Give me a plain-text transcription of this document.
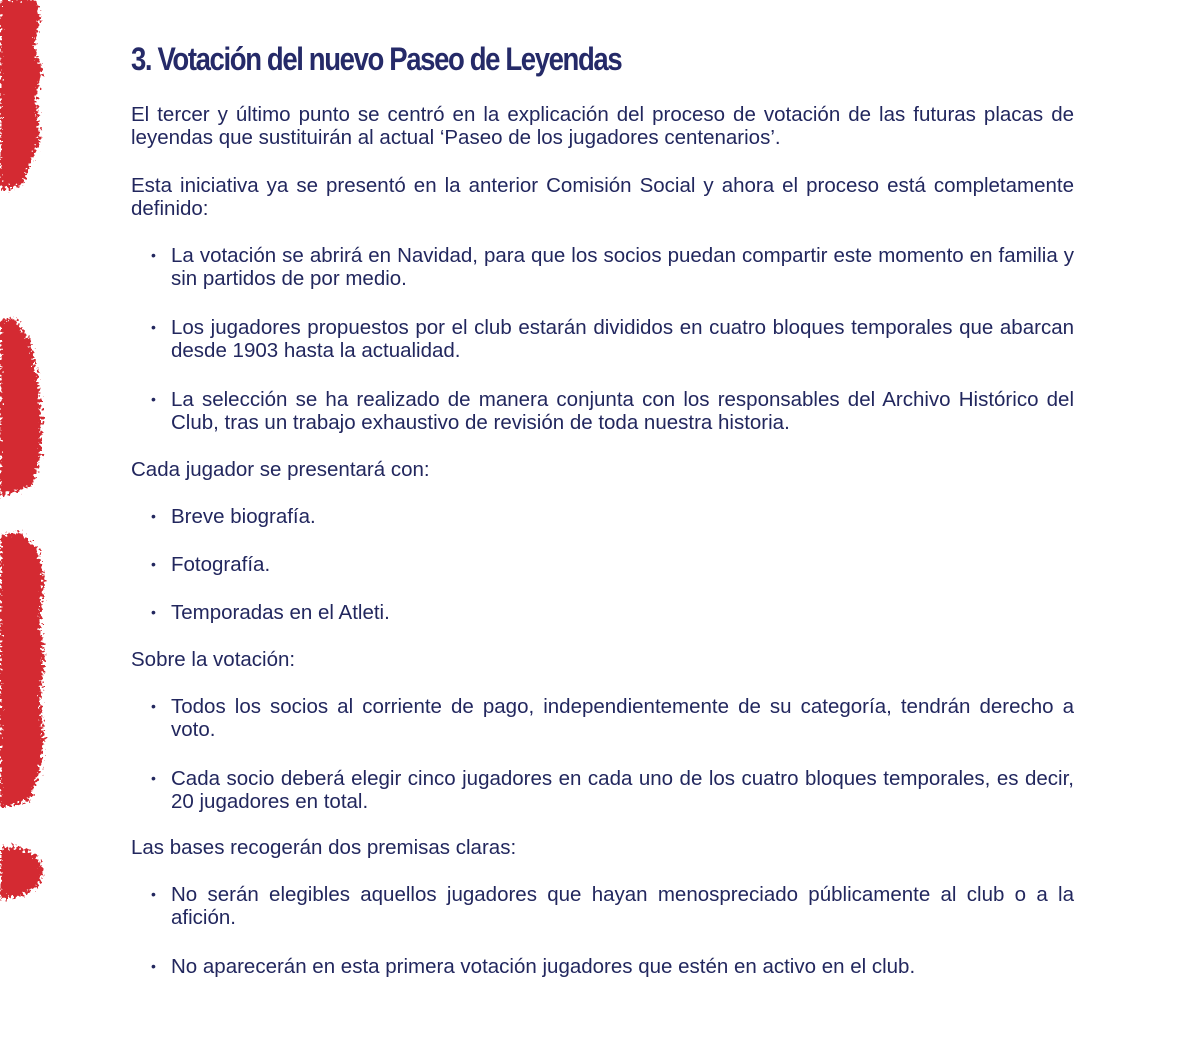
3. Votación del nuevo Paseo de Leyendas

El tercer y último punto se centró en la explicación del proceso de votación de las futuras placas de leyendas que sustituirán al actual ‘Paseo de los jugadores centenarios’.

Esta iniciativa ya se presentó en la anterior Comisión Social y ahora el proceso está completamente definido:

• La votación se abrirá en Navidad, para que los socios puedan compartir este momento en familia y sin partidos de por medio.
• Los jugadores propuestos por el club estarán divididos en cuatro bloques temporales que abarcan desde 1903 hasta la actualidad.
• La selección se ha realizado de manera conjunta con los responsables del Archivo Histórico del Club, tras un trabajo exhaustivo de revisión de toda nuestra historia.

Cada jugador se presentará con:

• Breve biografía.
• Fotografía.
• Temporadas en el Atleti.

Sobre la votación:

• Todos los socios al corriente de pago, independientemente de su categoría, tendrán derecho a voto.
• Cada socio deberá elegir cinco jugadores en cada uno de los cuatro bloques temporales, es decir, 20 jugadores en total.

Las bases recogerán dos premisas claras:

• No serán elegibles aquellos jugadores que hayan menospreciado públicamente al club o a la afición.
• No aparecerán en esta primera votación jugadores que estén en activo en el club.
